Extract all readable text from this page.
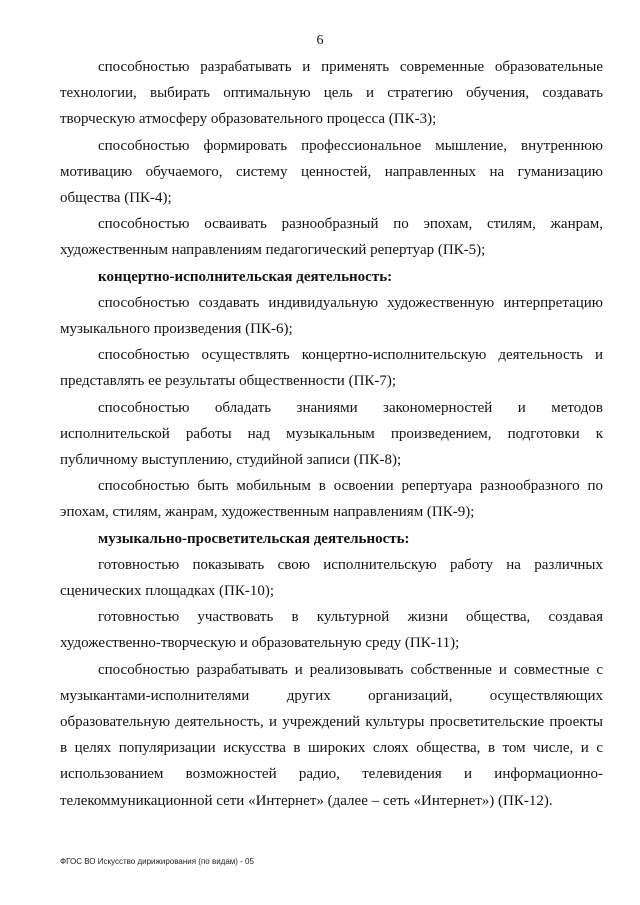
6

способностью разрабатывать и применять современные образовательные технологии, выбирать оптимальную цель и стратегию обучения, создавать творческую атмосферу образовательного процесса (ПК-3);

способностью формировать профессиональное мышление, внутреннюю мотивацию обучаемого, систему ценностей, направленных на гуманизацию общества (ПК-4);

способностью осваивать разнообразный по эпохам, стилям, жанрам, художественным направлениям педагогический репертуар (ПК-5);

концертно-исполнительская деятельность:

способностью создавать индивидуальную художественную интерпретацию музыкального произведения (ПК-6);

способностью осуществлять концертно-исполнительскую деятельность и представлять ее результаты общественности (ПК-7);

способностью обладать знаниями закономерностей и методов исполнительской работы над музыкальным произведением, подготовки к публичному выступлению, студийной записи (ПК-8);

способностью быть мобильным в освоении репертуара разнообразного по эпохам, стилям, жанрам, художественным направлениям (ПК-9);

музыкально-просветительская деятельность:

готовностью показывать свою исполнительскую работу на различных сценических площадках (ПК-10);

готовностью участвовать в культурной жизни общества, создавая художественно-творческую и образовательную среду (ПК-11);

способностью разрабатывать и реализовывать собственные и совместные с музыкантами-исполнителями других организаций, осуществляющих образовательную деятельность, и учреждений культуры просветительские проекты в целях популяризации искусства в широких слоях общества, в том числе, и с использованием возможностей радио, телевидения и информационно-телекоммуникационной сети «Интернет» (далее – сеть «Интернет») (ПК-12).

ФГОС ВО Искусство дирижирования (по видам) - 05
